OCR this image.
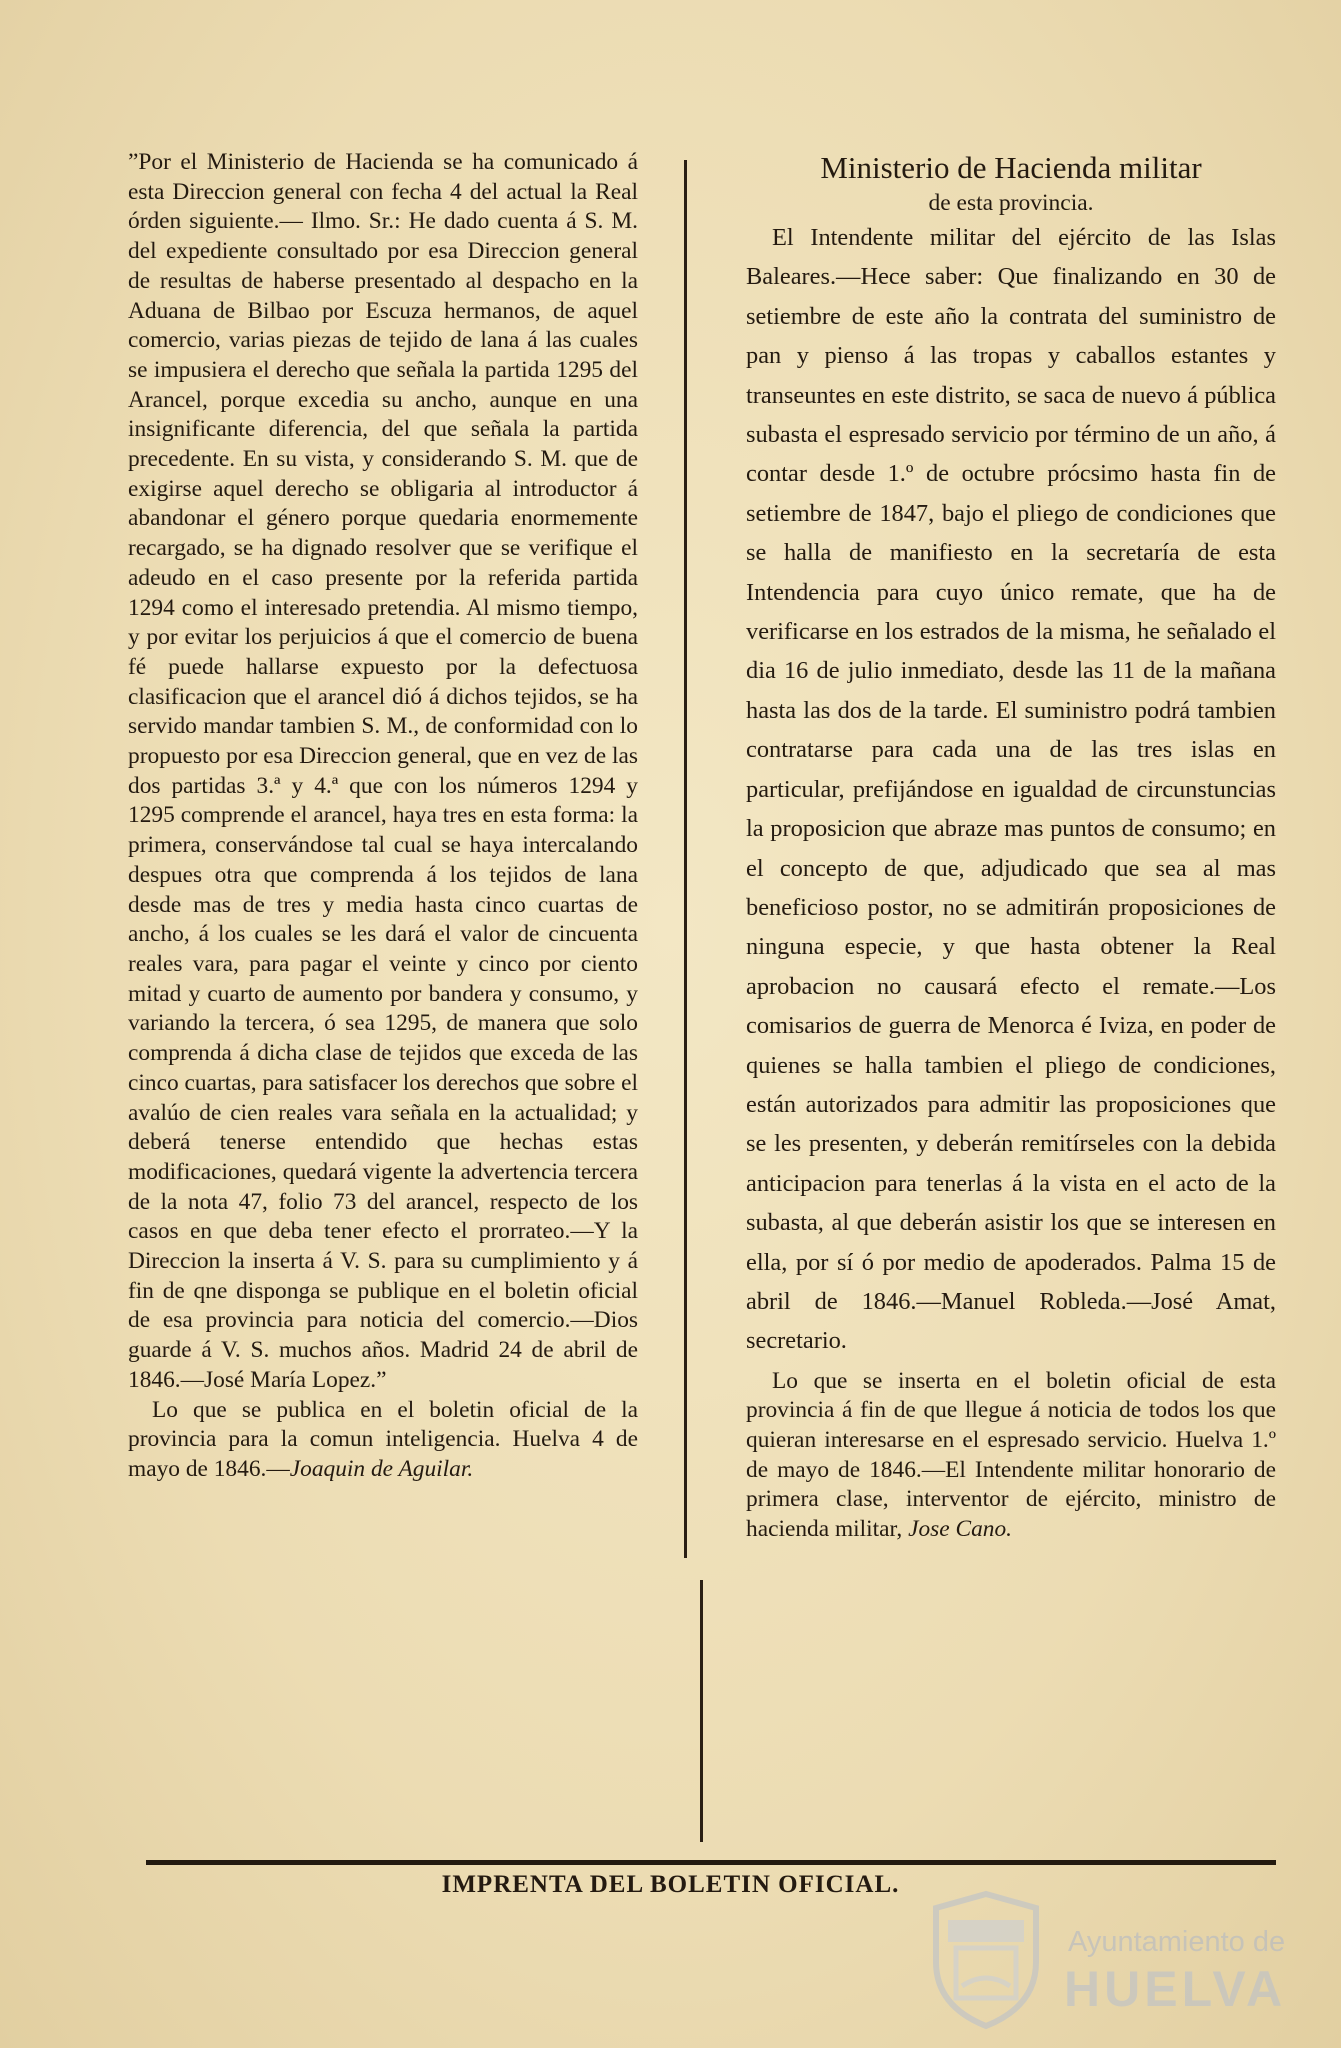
”Por el Ministerio de Hacienda se ha comunicado á esta Direccion general con fecha 4 del actual la Real órden siguiente.— Ilmo. Sr.: He dado cuenta á S. M. del expediente consultado por esa Direccion general de resultas de haberse presentado al despacho en la Aduana de Bilbao por Escuza hermanos, de aquel comercio, varias piezas de tejido de lana á las cuales se impusiera el derecho que señala la partida 1295 del Arancel, porque excedia su ancho, aunque en una insignificante diferencia, del que señala la partida precedente. En su vista, y considerando S. M. que de exigirse aquel derecho se obligaria al introductor á abandonar el género porque quedaria enormemente recargado, se ha dignado resolver que se verifique el adeudo en el caso presente por la referida partida 1294 como el interesado pretendia. Al mismo tiempo, y por evitar los perjuicios á que el comercio de buena fé puede hallarse expuesto por la defectuosa clasificacion que el arancel dió á dichos tejidos, se ha servido mandar tambien S. M., de conformidad con lo propuesto por esa Direccion general, que en vez de las dos partidas 3.ª y 4.ª que con los números 1294 y 1295 comprende el arancel, haya tres en esta forma: la primera, conservándose tal cual se haya intercalando despues otra que comprenda á los tejidos de lana desde mas de tres y media hasta cinco cuartas de ancho, á los cuales se les dará el valor de cincuenta reales vara, para pagar el veinte y cinco por ciento mitad y cuarto de aumento por bandera y consumo, y variando la tercera, ó sea 1295, de manera que solo comprenda á dicha clase de tejidos que exceda de las cinco cuartas, para satisfacer los derechos que sobre el avalúo de cien reales vara señala en la actualidad; y deberá tenerse entendido que hechas estas modificaciones, quedará vigente la advertencia tercera de la nota 47, folio 73 del arancel, respecto de los casos en que deba tener efecto el prorrateo.—Y la Direccion la inserta á V. S. para su cumplimiento y á fin de qne disponga se publique en el boletin oficial de esa provincia para noticia del comercio.—Dios guarde á V. S. muchos años. Madrid 24 de abril de 1846.—José María Lopez.”

Lo que se publica en el boletin oficial de la provincia para la comun inteligencia. Huelva 4 de mayo de 1846.—Joaquin de Aguilar.

Ministerio de Hacienda militar

de esta provincia.

El Intendente militar del ejército de las Islas Baleares.—Hece saber: Que finalizando en 30 de setiembre de este año la contrata del suministro de pan y pienso á las tropas y caballos estantes y transeuntes en este distrito, se saca de nuevo á pública subasta el espresado servicio por término de un año, á contar desde 1.º de octubre prócsimo hasta fin de setiembre de 1847, bajo el pliego de condiciones que se halla de manifiesto en la secretaría de esta Intendencia para cuyo único remate, que ha de verificarse en los estrados de la misma, he señalado el dia 16 de julio inmediato, desde las 11 de la mañana hasta las dos de la tarde. El suministro podrá tambien contratarse para cada una de las tres islas en particular, prefijándose en igualdad de circunstuncias la proposicion que abraze mas puntos de consumo; en el concepto de que, adjudicado que sea al mas beneficioso postor, no se admitirán proposiciones de ninguna especie, y que hasta obtener la Real aprobacion no causará efecto el remate.—Los comisarios de guerra de Menorca é Iviza, en poder de quienes se halla tambien el pliego de condiciones, están autorizados para admitir las proposiciones que se les presenten, y deberán remitírseles con la debida anticipacion para tenerlas á la vista en el acto de la subasta, al que deberán asistir los que se interesen en ella, por sí ó por medio de apoderados. Palma 15 de abril de 1846.—Manuel Robleda.—José Amat, secretario.

Lo que se inserta en el boletin oficial de esta provincia á fin de que llegue á noticia de todos los que quieran interesarse en el espresado servicio. Huelva 1.º de mayo de 1846.—El Intendente militar honorario de primera clase, interventor de ejército, ministro de hacienda militar, Jose Cano.

IMPRENTA DEL BOLETIN OFICIAL.
Ayuntamiento de
HUELVA
